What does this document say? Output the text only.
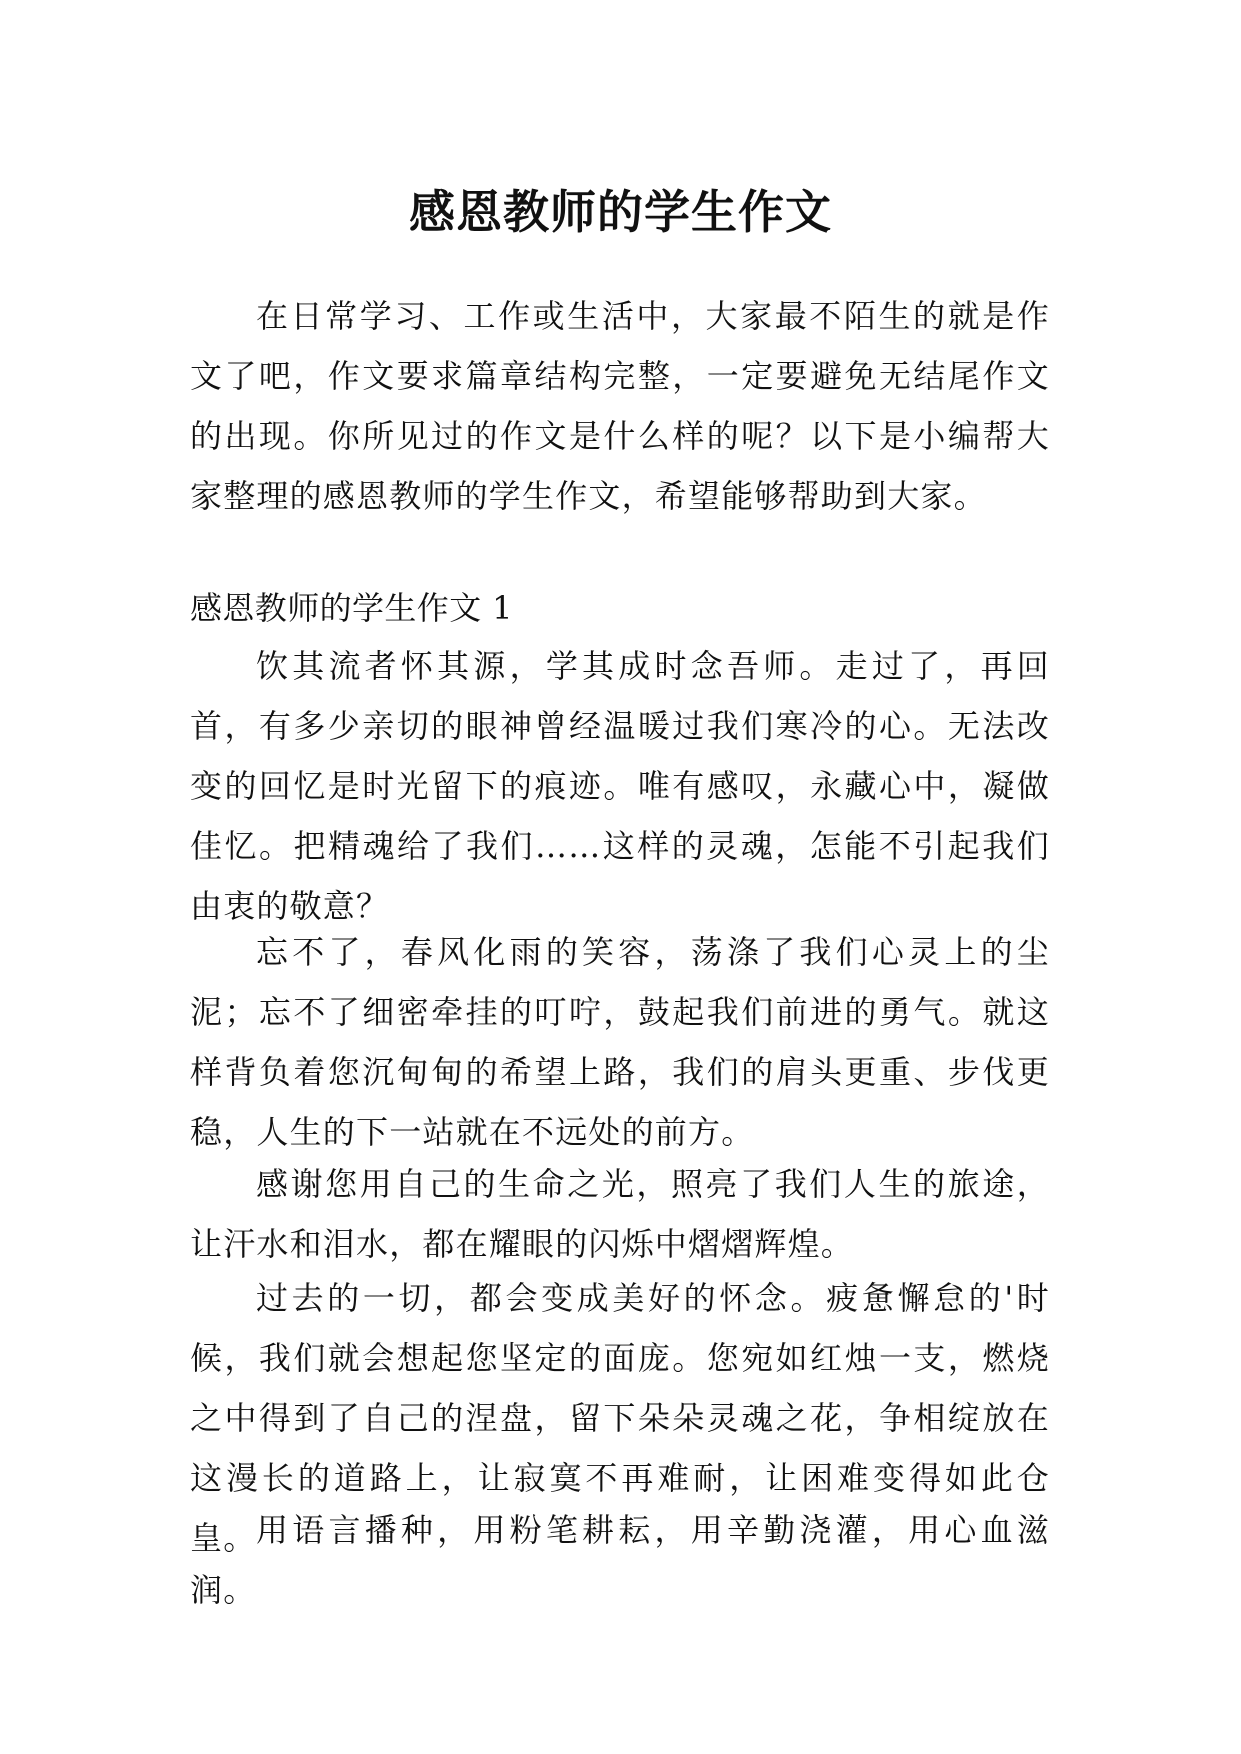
感恩教师的学生作文

在日常学习、工作或生活中，大家最不陌生的就是作文了吧，作文要求篇章结构完整，一定要避免无结尾作文的出现。你所见过的作文是什么样的呢？以下是小编帮大家整理的感恩教师的学生作文，希望能够帮助到大家。

感恩教师的学生作文 1

饮其流者怀其源，学其成时念吾师。走过了，再回首，有多少亲切的眼神曾经温暖过我们寒冷的心。无法改变的回忆是时光留下的痕迹。唯有感叹，永藏心中，凝做佳忆。把精魂给了我们……这样的灵魂，怎能不引起我们由衷的敬意？

忘不了，春风化雨的笑容，荡涤了我们心灵上的尘泥；忘不了细密牵挂的叮咛，鼓起我们前进的勇气。就这样背负着您沉甸甸的希望上路，我们的肩头更重、步伐更稳，人生的下一站就在不远处的前方。

感谢您用自己的生命之光，照亮了我们人生的旅途，让汗水和泪水，都在耀眼的闪烁中熠熠辉煌。

过去的一切，都会变成美好的怀念。疲惫懈怠的'时候，我们就会想起您坚定的面庞。您宛如红烛一支，燃烧之中得到了自己的涅盘，留下朵朵灵魂之花，争相绽放在这漫长的道路上，让寂寞不再难耐，让困难变得如此仓皇。 用语言播种，用粉笔耕耘，用辛勤浇灌，用心血滋润。
